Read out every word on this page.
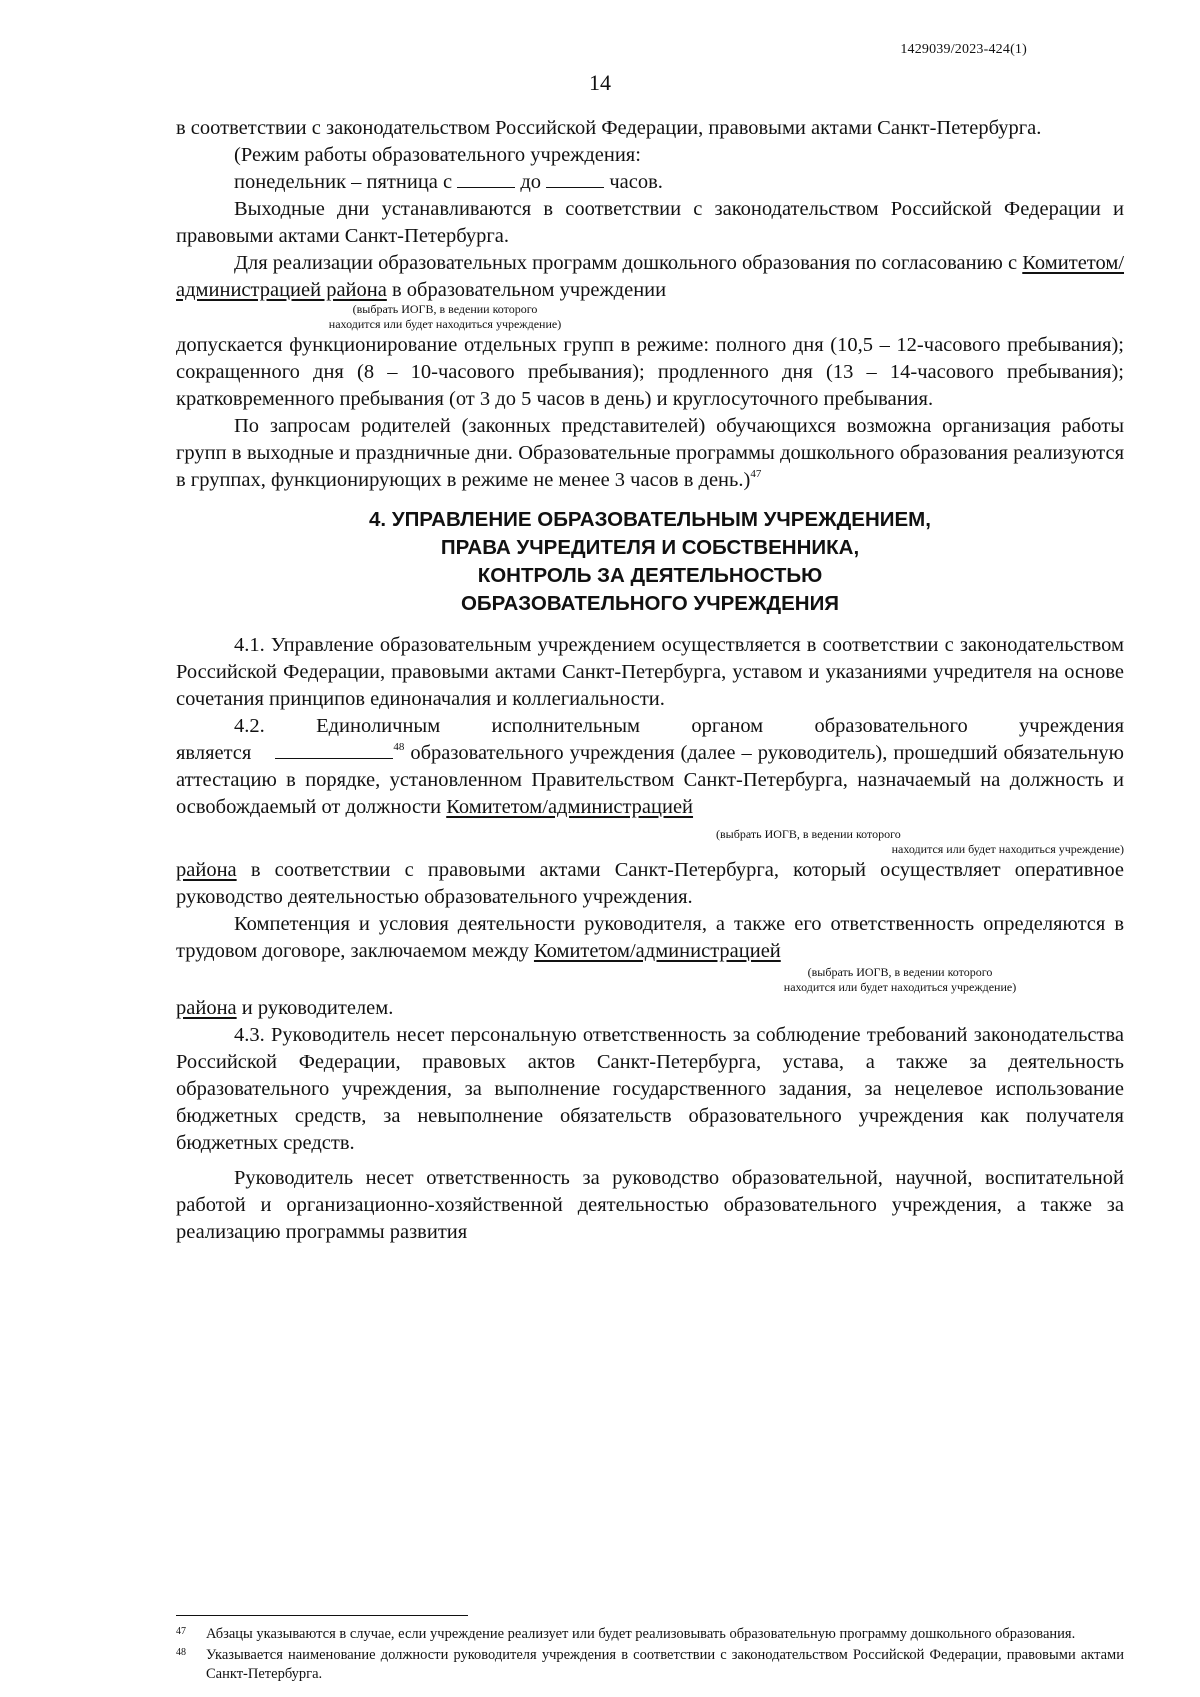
1429039/2023-424(1)
14

в соответствии с законодательством Российской Федерации, правовыми актами Санкт-Петербурга.

(Режим работы образовательного учреждения:

понедельник – пятница с	до	часов.

Выходные дни устанавливаются в соответствии с законодательством Российской Федерации и правовыми актами Санкт-Петербурга.

Для реализации образовательных программ дошкольного образования по согласованию с Комитетом/администрацией района в образовательном учреждении

(выбрать ИОГВ, в ведении которого
находится или будет находиться учреждение)

допускается функционирование отдельных групп в режиме: полного дня (10,5 – 12-часового пребывания); сокращенного дня (8 – 10-часового пребывания); продленного дня (13 – 14-часового пребывания); кратковременного пребывания (от 3 до 5 часов в день) и круглосуточного пребывания.

По запросам родителей (законных представителей) обучающихся возможна организация работы групп в выходные и праздничные дни. Образовательные программы дошкольного образования реализуются в группах, функционирующих в режиме не менее 3 часов в день.)$^{47}$

4. УПРАВЛЕНИЕ ОБРАЗОВАТЕЛЬНЫМ УЧРЕЖДЕНИЕМ,
ПРАВА УЧРЕДИТЕЛЯ И СОБСТВЕННИКА,
КОНТРОЛЬ ЗА ДЕЯТЕЛЬНОСТЬЮ
ОБРАЗОВАТЕЛЬНОГО УЧРЕЖДЕНИЯ

4.1. Управление образовательным учреждением осуществляется в соответствии с законодательством Российской Федерации, правовыми актами Санкт-Петербурга, уставом и указаниями учредителя на основе сочетания принципов единоначалия и коллегиальности.

4.2. Единоличным исполнительным органом образовательного учреждения

является	$^{48}$ образовательного учреждения (далее – руководитель), прошедший обязательную аттестацию в порядке, установленном Правительством Санкт-Петербурга, назначаемый на должность и освобождаемый от должности Комитетом/администрацией

(выбрать ИОГВ, в ведении которого
находится или будет находиться учреждение)

района в соответствии с правовыми актами Санкт-Петербурга, который осуществляет оперативное руководство деятельностью образовательного учреждения.

Компетенция и условия деятельности руководителя, а также его ответственность определяются в трудовом договоре, заключаемом между Комитетом/администрацией

(выбрать ИОГВ, в ведении которого
находится или будет находиться учреждение)

района и руководителем.

4.3. Руководитель несет персональную ответственность за соблюдение требований законодательства Российской Федерации, правовых актов Санкт-Петербурга, устава, а также за деятельность образовательного учреждения, за выполнение государственного задания, за нецелевое использование бюджетных средств, за невыполнение обязательств образовательного учреждения как получателя бюджетных средств.

Руководитель несет ответственность за руководство образовательной, научной, воспитательной работой и организационно-хозяйственной деятельностью образовательного учреждения, а также за реализацию программы развития

47 Абзацы указываются в случае, если учреждение реализует или будет реализовывать образовательную программу дошкольного образования.
48 Указывается наименование должности руководителя учреждения в соответствии с законодательством Российской Федерации, правовыми актами Санкт-Петербурга.
